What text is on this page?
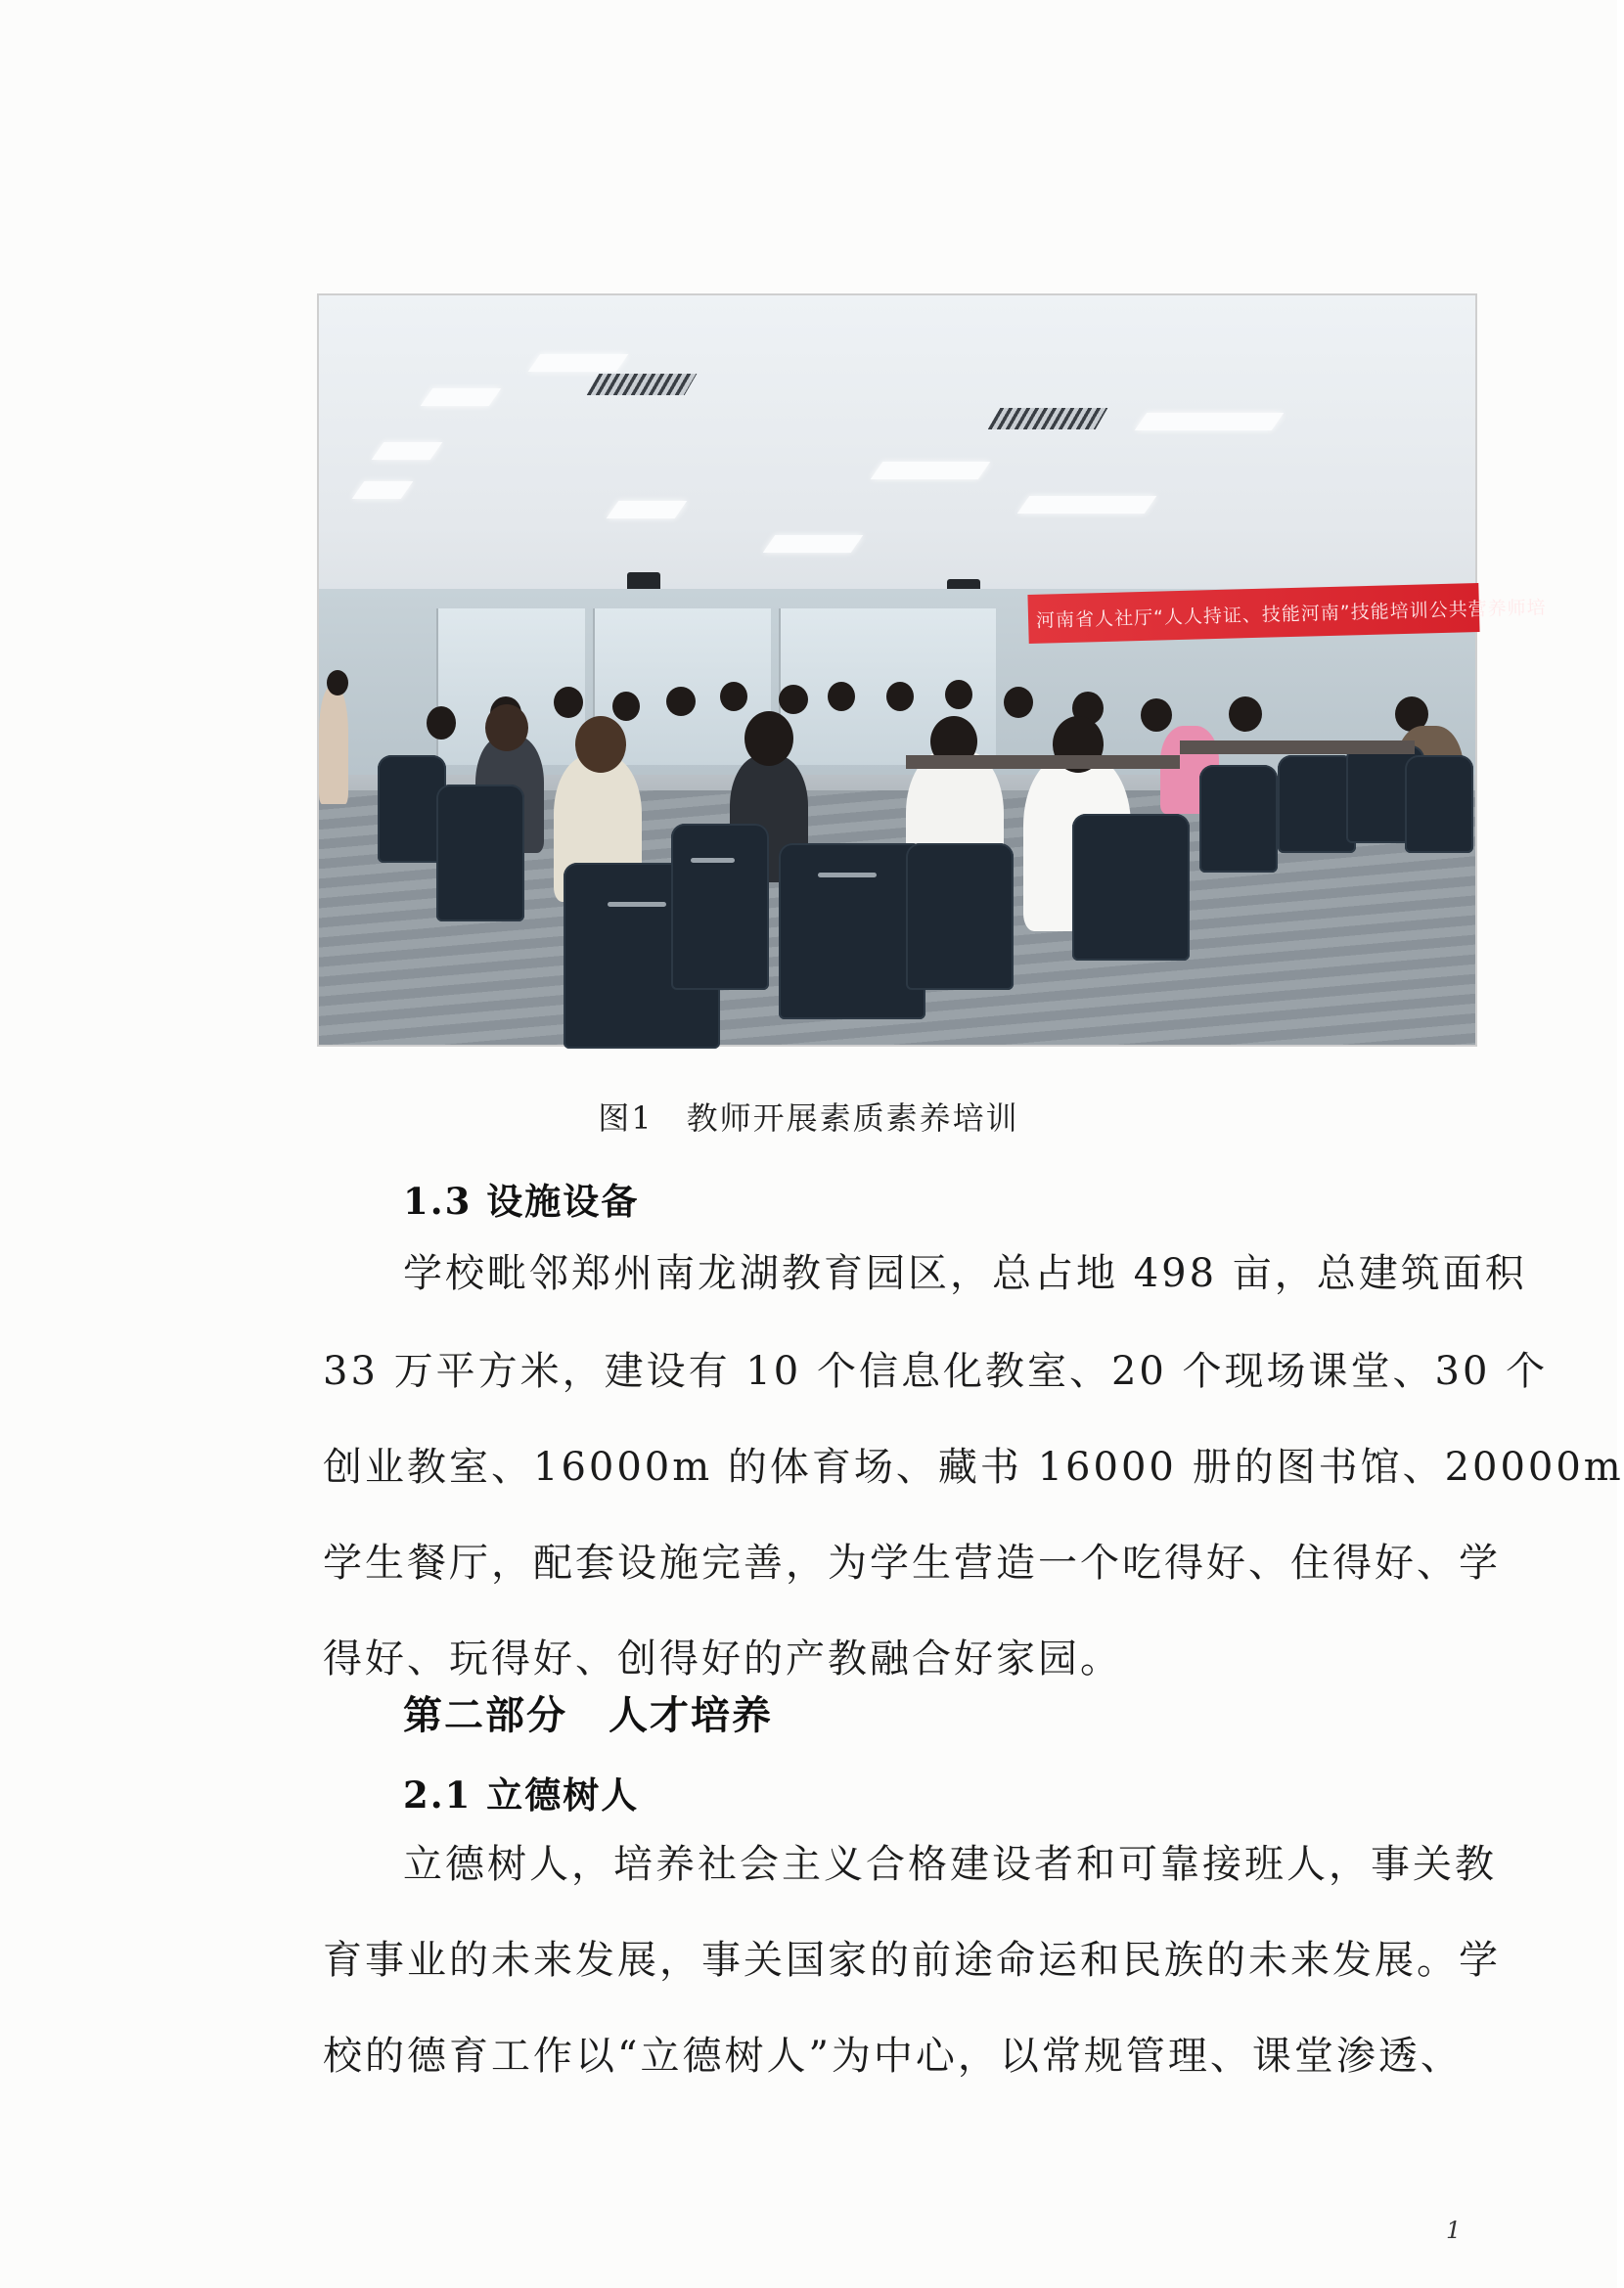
河南省人社厅“人人持证、技能河南”技能培训公共营养师培
图1 教师开展素质素养培训
1.3 设施设备
学校毗邻郑州南龙湖教育园区，总占地 498 亩，总建筑面积
33 万平方米，建设有 10 个信息化教室、20 个现场课堂、30 个
创业教室、16000m 的体育场、藏书 16000 册的图书馆、20000m
学生餐厅，配套设施完善，为学生营造一个吃得好、住得好、学
得好、玩得好、创得好的产教融合好家园。
第二部分　人才培养
2.1 立德树人
立德树人，培养社会主义合格建设者和可靠接班人，事关教
育事业的未来发展，事关国家的前途命运和民族的未来发展。学
校的德育工作以“立德树人”为中心，以常规管理、课堂渗透、
1
